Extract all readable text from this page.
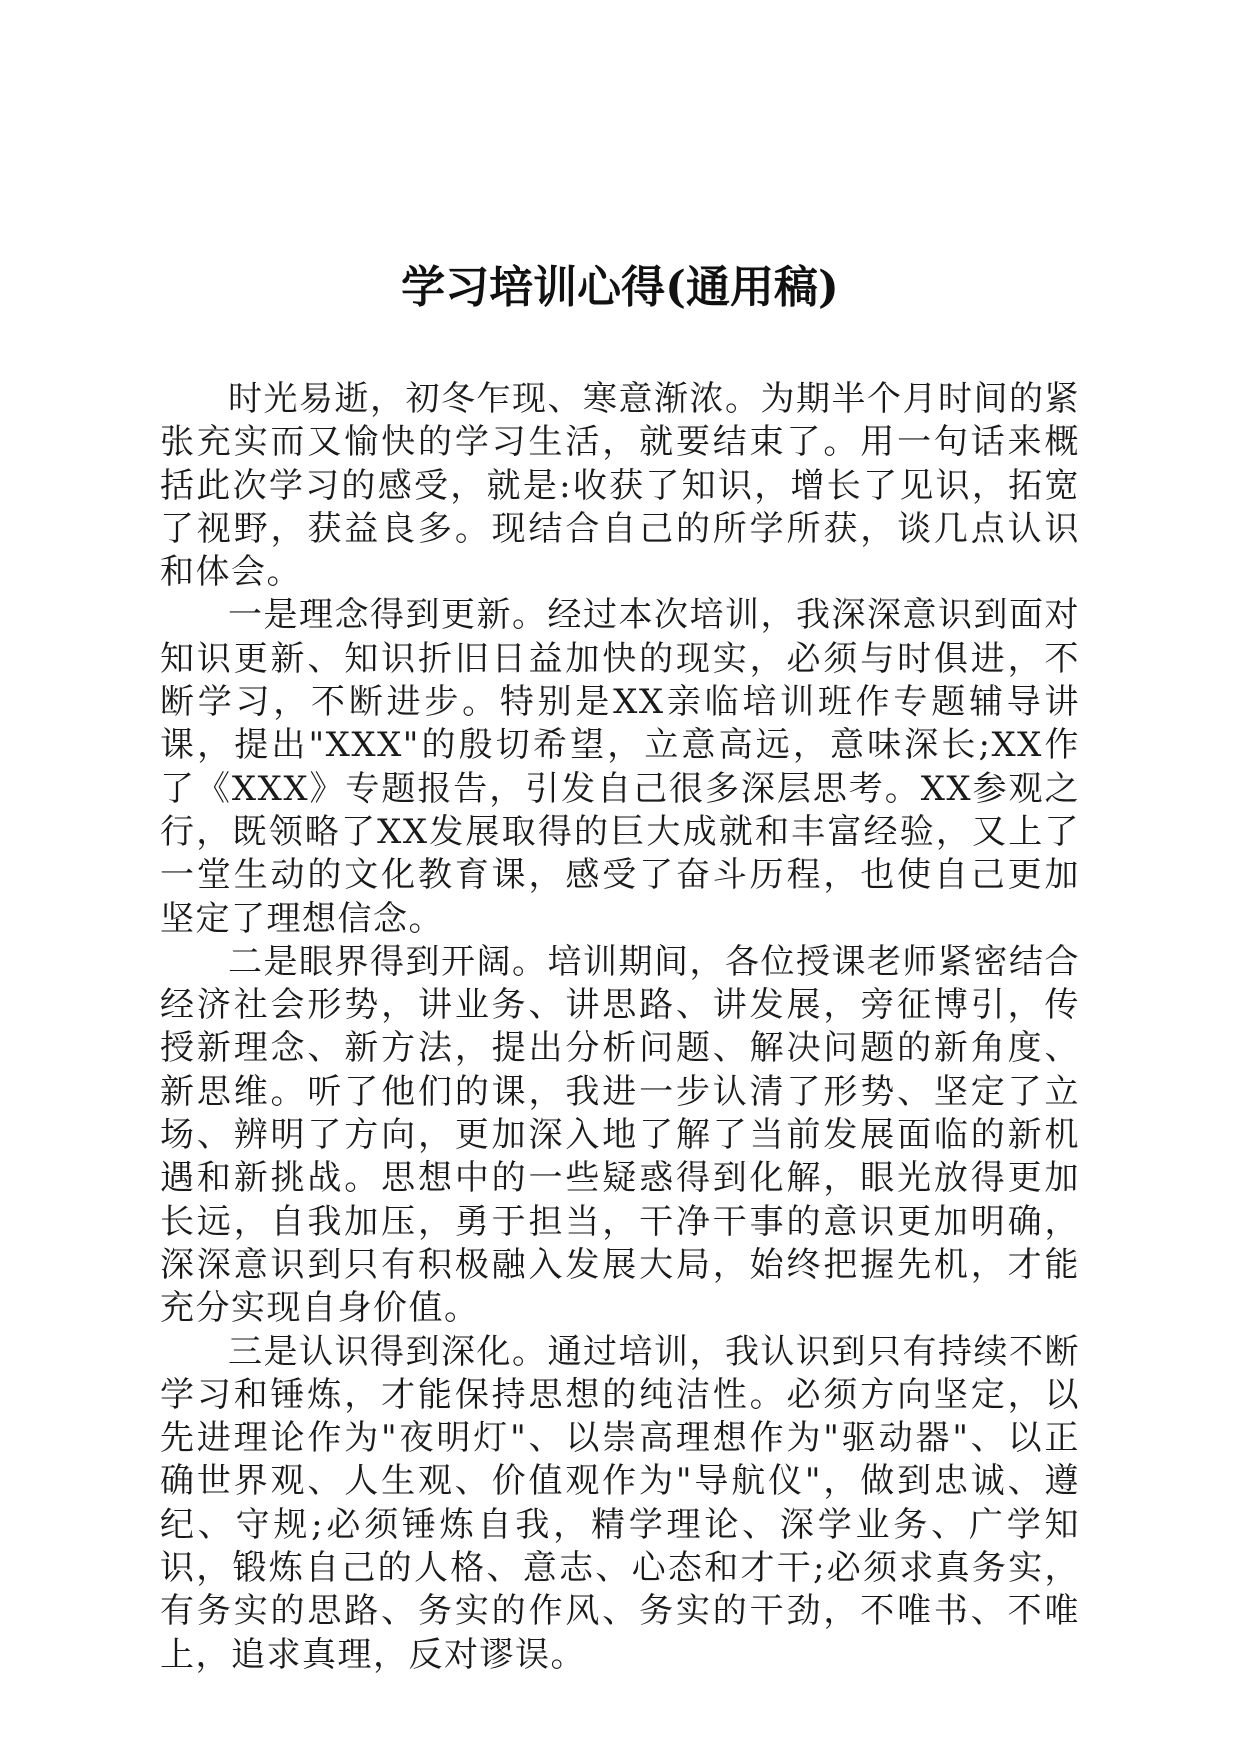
学习培训心得(通用稿)

时光易逝，初冬乍现、寒意渐浓。为期半个月时间的紧张充实而又愉快的学习生活，就要结束了。用一句话来概括此次学习的感受，就是:收获了知识，增长了见识，拓宽了视野，获益良多。现结合自己的所学所获，谈几点认识和体会。

一是理念得到更新。经过本次培训，我深深意识到面对知识更新、知识折旧日益加快的现实，必须与时俱进，不断学习，不断进步。特别是XX亲临培训班作专题辅导讲课，提出"XXX"的殷切希望，立意高远，意味深长;XX作了《XXX》专题报告，引发自己很多深层思考。XX参观之行，既领略了XX发展取得的巨大成就和丰富经验，又上了一堂生动的文化教育课，感受了奋斗历程，也使自己更加坚定了理想信念。

二是眼界得到开阔。培训期间，各位授课老师紧密结合经济社会形势，讲业务、讲思路、讲发展，旁征博引，传授新理念、新方法，提出分析问题、解决问题的新角度、新思维。听了他们的课，我进一步认清了形势、坚定了立场、辨明了方向，更加深入地了解了当前发展面临的新机遇和新挑战。思想中的一些疑惑得到化解，眼光放得更加长远，自我加压，勇于担当，干净干事的意识更加明确，深深意识到只有积极融入发展大局，始终把握先机，才能充分实现自身价值。

三是认识得到深化。通过培训，我认识到只有持续不断学习和锤炼，才能保持思想的纯洁性。必须方向坚定，以先进理论作为"夜明灯"、以崇高理想作为"驱动器"、以正确世界观、人生观、价值观作为"导航仪"，做到忠诚、遵纪、守规;必须锤炼自我，精学理论、深学业务、广学知识，锻炼自己的人格、意志、心态和才干;必须求真务实，有务实的思路、务实的作风、务实的干劲，不唯书、不唯上，追求真理，反对谬误。
